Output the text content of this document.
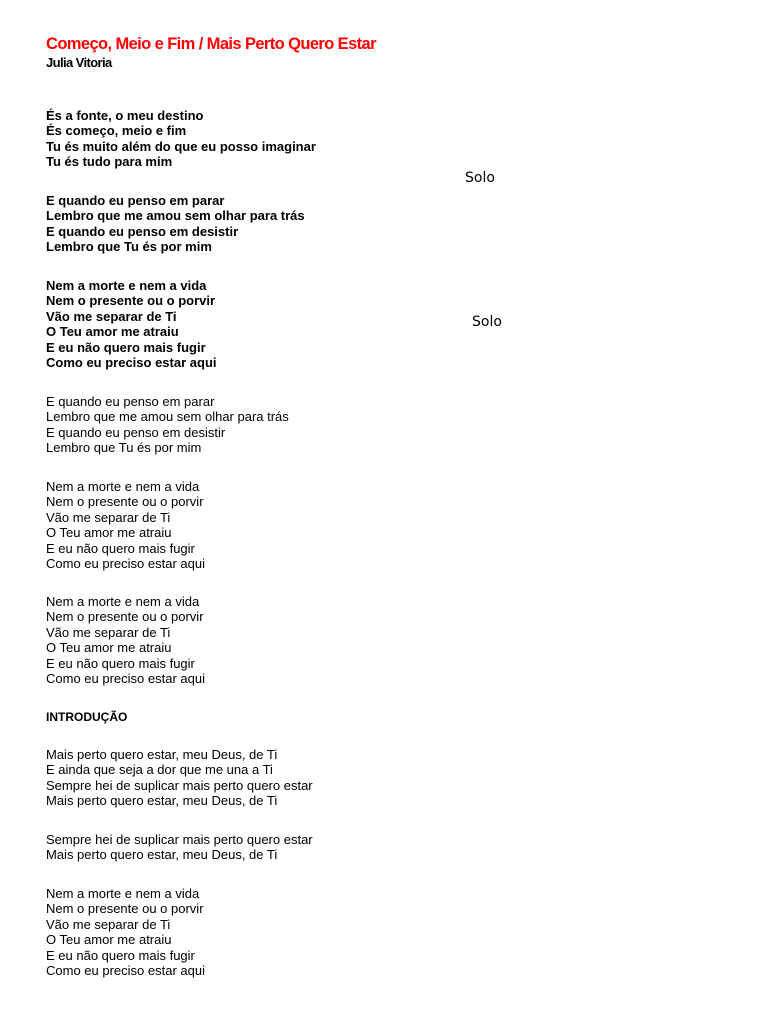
Começo, Meio e Fim / Mais Perto Quero Estar
Julia Vitoria
És a fonte, o meu destino
És começo, meio e fim
Tu és muito além do que eu posso imaginar
Tu és tudo para mim
Solo
E quando eu penso em parar
Lembro que me amou sem olhar para trás
E quando eu penso em desistir
Lembro que Tu és por mim
Nem a morte e nem a vida
Nem o presente ou o porvir
Vão me separar de Ti
O Teu amor me atraiu
E eu não quero mais fugir
Como eu preciso estar aqui
Solo
E quando eu penso em parar
Lembro que me amou sem olhar para trás
E quando eu penso em desistir
Lembro que Tu és por mim
Nem a morte e nem a vida
Nem o presente ou o porvir
Vão me separar de Ti
O Teu amor me atraiu
E eu não quero mais fugir
Como eu preciso estar aqui
Nem a morte e nem a vida
Nem o presente ou o porvir
Vão me separar de Ti
O Teu amor me atraiu
E eu não quero mais fugir
Como eu preciso estar aqui
INTRODUÇÃO
Mais perto quero estar, meu Deus, de Ti
E ainda que seja a dor que me una a Ti
Sempre hei de suplicar mais perto quero estar
Mais perto quero estar, meu Deus, de Ti
Sempre hei de suplicar mais perto quero estar
Mais perto quero estar, meu Deus, de Ti
Nem a morte e nem a vida
Nem o presente ou o porvir
Vão me separar de Ti
O Teu amor me atraiu
E eu não quero mais fugir
Como eu preciso estar aqui
